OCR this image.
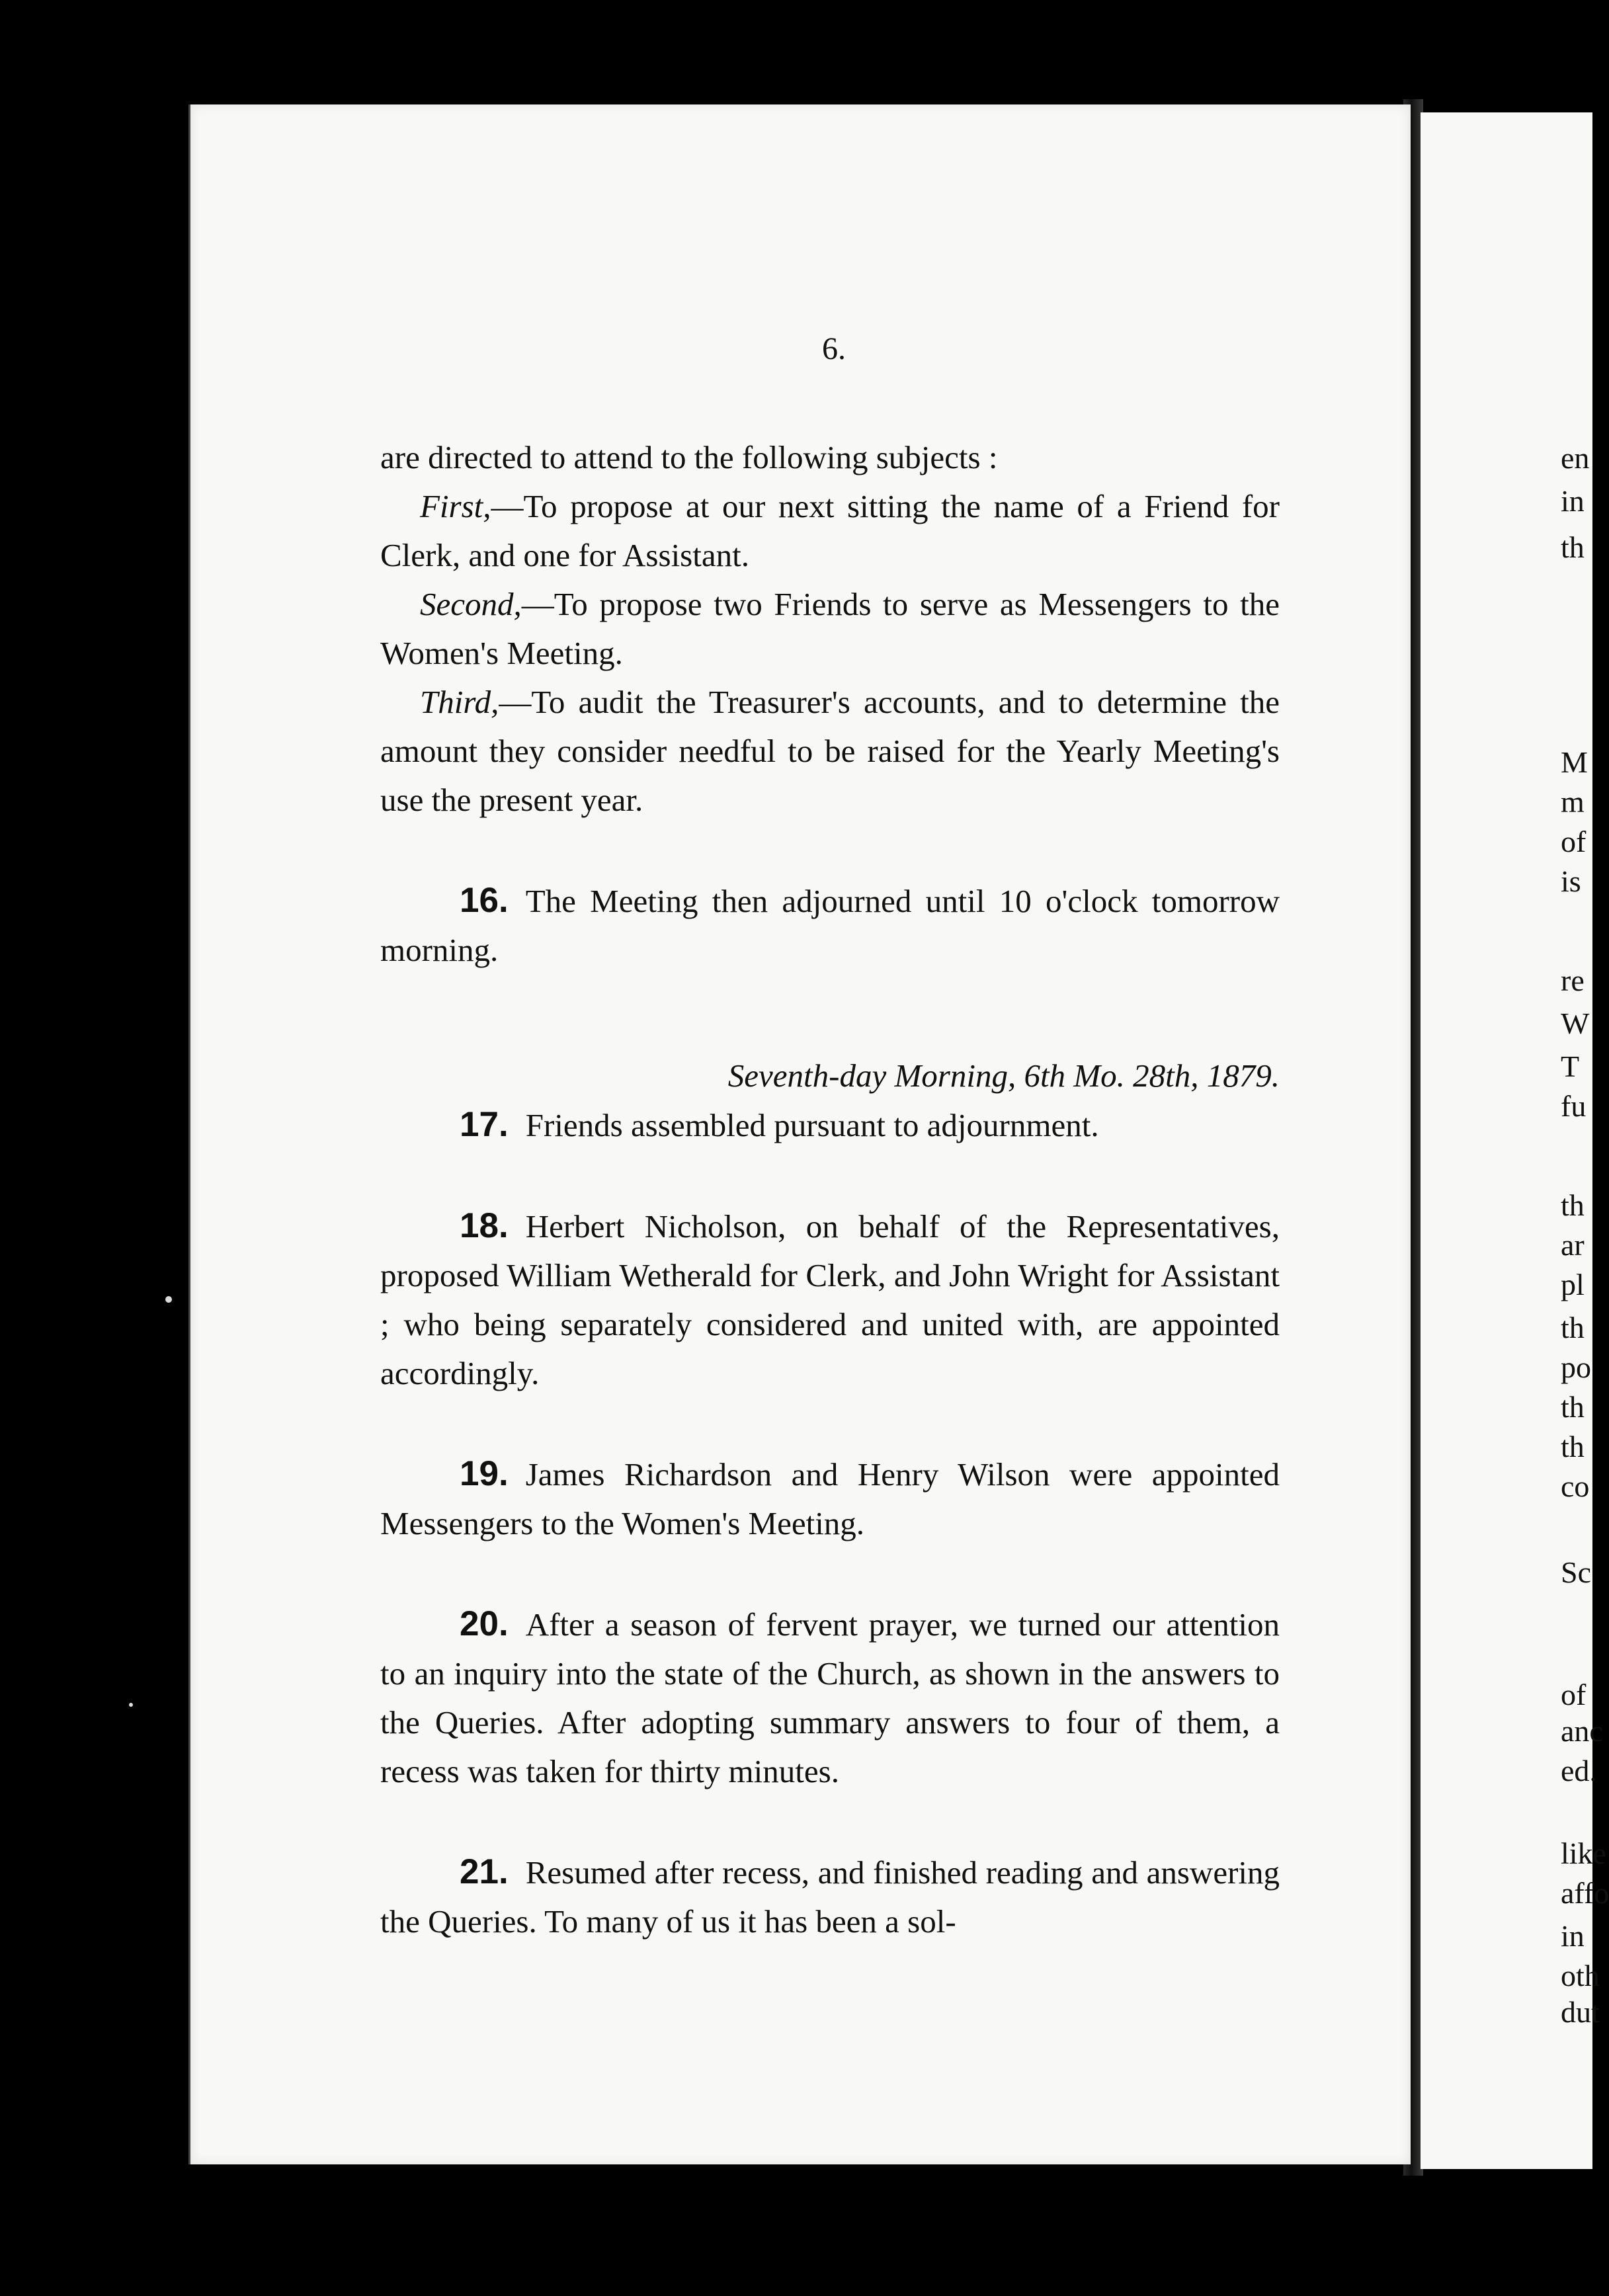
6.

are directed to attend to the following subjects :

First,—To propose at our next sitting the name of a Friend for Clerk, and one for Assistant.

Second,—To propose two Friends to serve as Messengers to the Women's Meeting.

Third,—To audit the Treasurer's accounts, and to determine the amount they consider needful to be raised for the Yearly Meeting's use the present year.

16. The Meeting then adjourned until 10 o'clock tomorrow morning.

Seventh-day Morning, 6th Mo. 28th, 1879.

17. Friends assembled pursuant to adjournment.

18. Herbert Nicholson, on behalf of the Representatives, proposed William Wetherald for Clerk, and John Wright for Assistant ; who being separately considered and united with, are appointed accordingly.

19. James Richardson and Henry Wilson were appointed Messengers to the Women's Meeting.

20. After a season of fervent prayer, we turned our attention to an inquiry into the state of the Church, as shown in the answers to the Queries. After adopting summary answers to four of them, a recess was taken for thirty minutes.

21. Resumed after recess, and finished reading and answering the Queries. To many of us it has been a sol-

en
in
th
M
m
of
is
re
W
T
fu
th
ar
pl
th
po
th
th
co
Sc
of
anc
ed.
like
affo
in
oth
dut
